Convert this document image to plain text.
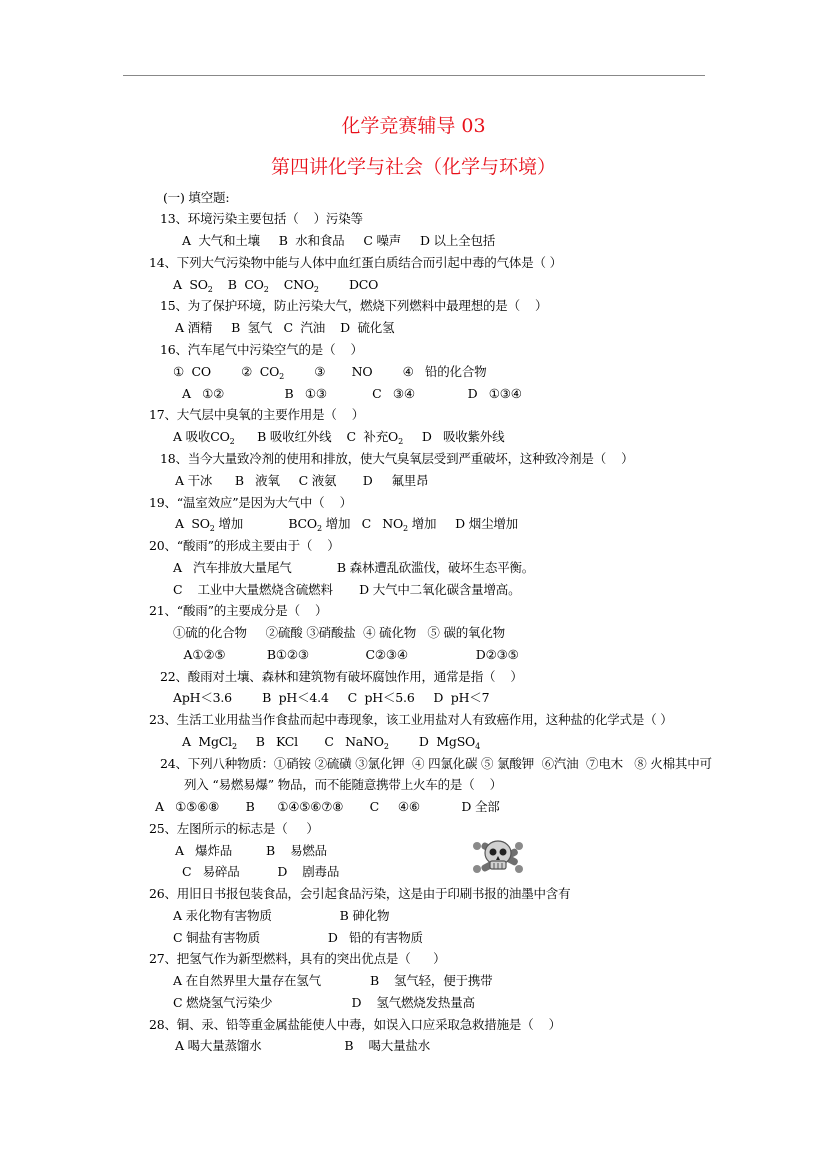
化学竞赛辅导 03
第四讲化学与社会（化学与环境）
(一) 填空题:
13、环境污染主要包括（    ）污染等
A  大气和土壤     B  水和食品     C 噪声     D 以上全包括
14、下列大气污染物中能与人体中血红蛋白质结合而引起中毒的气体是（ ）
A  $SO_2$    B  $CO_2$    $CNO_2$        DCO
15、为了保护环境，防止污染大气，燃烧下列燃料中最理想的是（    ）
A 酒精     B  氢气   C  汽油    D  硫化氢
16、汽车尾气中污染空气的是（    ）
①  CO        ②  $CO_2$        ③       NO        ④   铅的化合物
A   ①②                B   ①③            C   ③④              D   ①③④
17、大气层中臭氧的主要作用是（    ）
A 吸收$CO_2$      B 吸收红外线    C  补充$O_2$     D   吸收紫外线
18、当今大量致冷剂的使用和排放，使大气臭氧层受到严重破坏，这种致冷剂是（    ）
A 干冰      B   液氧     C 液氨       D     氟里昂
19、“温室效应”是因为大气中（    ）
A  $SO_2$ 增加            $BCO_2$ 增加   C   $NO_2$ 增加     D 烟尘增加
20、“酸雨”的形成主要由于（    ）
A   汽车排放大量尾气            B 森林遭乱砍滥伐，破坏生态平衡。
C    工业中大量燃烧含硫燃料       D 大气中二氧化碳含量增高。
21、“酸雨”的主要成分是（    ）
①硫的化合物     ②硫酸 ③硝酸盐  ④ 硫化物   ⑤ 碳的氧化物
A①②⑤           B①②③               C②③④                  D②③⑤
22、酸雨对土壤、森林和建筑物有破坏腐蚀作用，通常是指（    ）
ApH＜3.6        B  pH＜4.4     C  pH＜5.6     D  pH＜7
23、生活工业用盐当作食盐而起中毒现象，该工业用盐对人有致癌作用，这种盐的化学式是（ ）
A  MgCl$_2$     B   KCl       C   NaNO$_2$        D  MgSO$_4$
24、下列八种物质：①硝铵 ②硫磺 ③氯化钾  ④ 四氯化碳 ⑤ 氯酸钾  ⑥汽油  ⑦电木   ⑧ 火棉其中可
列入 “易燃易爆” 物品，而不能随意携带上火车的是（    ）
A   ①⑤⑥⑧       B      ①④⑤⑥⑦⑧       C     ④⑥           D 全部
25、左图所示的标志是（     ）
A   爆炸品         B    易燃品
C   易碎品          D    剧毒品
26、用旧日书报包装食品，会引起食品污染，这是由于印刷书报的油墨中含有
A 汞化物有害物质                  B 砷化物
C 铜盐有害物质                  D   铅的有害物质
27、把氢气作为新型燃料，具有的突出优点是（      ）
A 在自然界里大量存在氢气             B    氢气轻，便于携带
C 燃烧氢气污染少                     D    氢气燃烧发热量高
28、铜、汞、铅等重金属盐能使人中毒，如误入口应采取急救措施是（    ）
A 喝大量蒸馏水                      B    喝大量盐水
